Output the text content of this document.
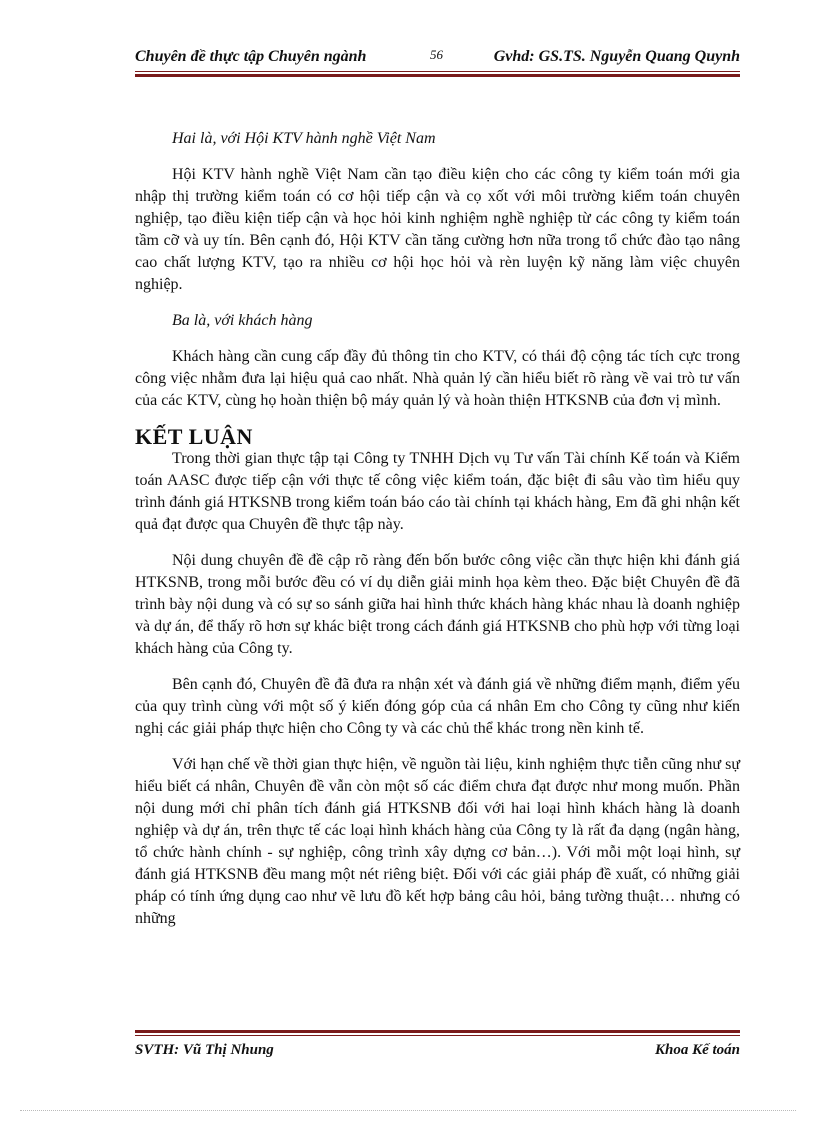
Chuyên đề thực tập Chuyên ngành	56	Gvhd: GS.TS. Nguyễn Quang Quynh

Hai là, với Hội KTV hành nghề Việt Nam

Hội KTV hành nghề Việt Nam cần tạo điều kiện cho các công ty kiểm toán mới gia nhập thị trường kiểm toán có cơ hội tiếp cận và cọ xốt với môi trường kiểm toán chuyên nghiệp, tạo điều kiện tiếp cận và học hỏi kinh nghiệm nghề nghiệp từ các công ty kiểm toán tầm cỡ và uy tín. Bên cạnh đó, Hội KTV cần tăng cường hơn nữa trong tổ chức đào tạo nâng cao chất lượng KTV, tạo ra nhiều cơ hội học hỏi và rèn luyện kỹ năng làm việc chuyên nghiệp.

Ba là, với khách hàng

Khách hàng cần cung cấp đầy đủ thông tin cho KTV, có thái độ cộng tác tích cực trong công việc nhằm đưa lại hiệu quả cao nhất. Nhà quản lý cần hiểu biết rõ ràng về vai trò tư vấn của các KTV, cùng họ hoàn thiện bộ máy quản lý và hoàn thiện HTKSNB của đơn vị mình.

KẾT LUẬN

Trong thời gian thực tập tại Công ty TNHH Dịch vụ Tư vấn Tài chính Kế toán và Kiểm toán AASC được tiếp cận với thực tế công việc kiểm toán, đặc biệt đi sâu vào tìm hiểu quy trình đánh giá HTKSNB trong kiểm toán báo cáo tài chính tại khách hàng, Em đã ghi nhận kết quả đạt được qua Chuyên đề thực tập này.

Nội dung chuyên đề đề cập rõ ràng đến bốn bước công việc cần thực hiện khi đánh giá HTKSNB, trong mỗi bước đều có ví dụ diễn giải minh họa kèm theo. Đặc biệt Chuyên đề đã trình bày nội dung và có sự so sánh giữa hai hình thức khách hàng khác nhau là doanh nghiệp và dự án, để thấy rõ hơn sự khác biệt trong cách đánh giá HTKSNB cho phù hợp với từng loại khách hàng của Công ty.

Bên cạnh đó, Chuyên đề đã đưa ra nhận xét và đánh giá về những điểm mạnh, điểm yếu của quy trình cùng với một số ý kiến đóng góp của cá nhân Em cho Công ty cũng như kiến nghị các giải pháp thực hiện cho Công ty và các chủ thể khác trong nền kinh tế.

Với hạn chế về thời gian thực hiện, về nguồn tài liệu, kinh nghiệm thực tiễn cũng như sự hiểu biết cá nhân, Chuyên đề vẫn còn một số các điểm chưa đạt được như mong muốn. Phần nội dung mới chỉ phân tích đánh giá HTKSNB đối với hai loại hình khách hàng là doanh nghiệp và dự án, trên thực tế các loại hình khách hàng của Công ty là rất đa dạng (ngân hàng, tổ chức hành chính - sự nghiệp, công trình xây dựng cơ bản…). Với mỗi một loại hình, sự đánh giá HTKSNB đều mang một nét riêng biệt. Đối với các giải pháp đề xuất, có những giải pháp có tính ứng dụng cao như vẽ lưu đồ kết hợp bảng câu hỏi, bảng tường thuật… nhưng có những

SVTH: Vũ Thị Nhung	Khoa Kế toán
